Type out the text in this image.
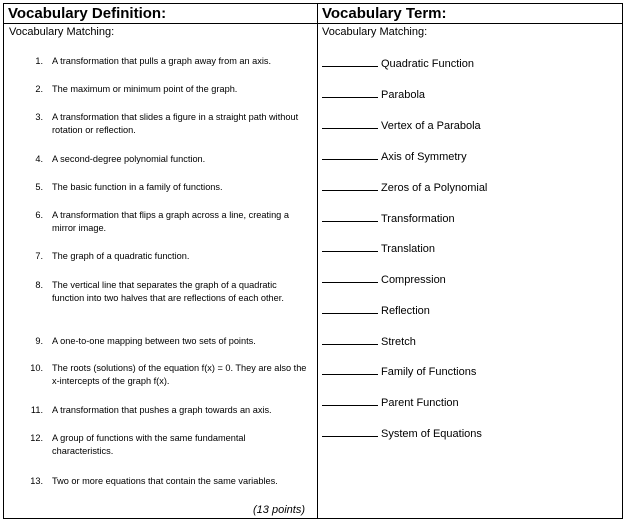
Vocabulary Definition:	Vocabulary Term:
Vocabulary Matching:	Vocabulary Matching:
1. A transformation that pulls a graph away from an axis.
2. The maximum or minimum point of the graph.
3. A transformation that slides a figure in a straight path without rotation or reflection.
4. A second-degree polynomial function.
5. The basic function in a family of functions.
6. A transformation that flips a graph across a line, creating a mirror image.
7. The graph of a quadratic function.
8. The vertical line that separates the graph of a quadratic function into two halves that are reflections of each other.
9. A one-to-one mapping between two sets of points.
10. The roots (solutions) of the equation f(x) = 0. They are also the x-intercepts of the graph f(x).
11. A transformation that pushes a graph towards an axis.
12. A group of functions with the same fundamental characteristics.
13. Two or more equations that contain the same variables.
(13 points)
Quadratic Function
Parabola
Vertex of a Parabola
Axis of Symmetry
Zeros of a Polynomial
Transformation
Translation
Compression
Reflection
Stretch
Family of Functions
Parent Function
System of Equations
